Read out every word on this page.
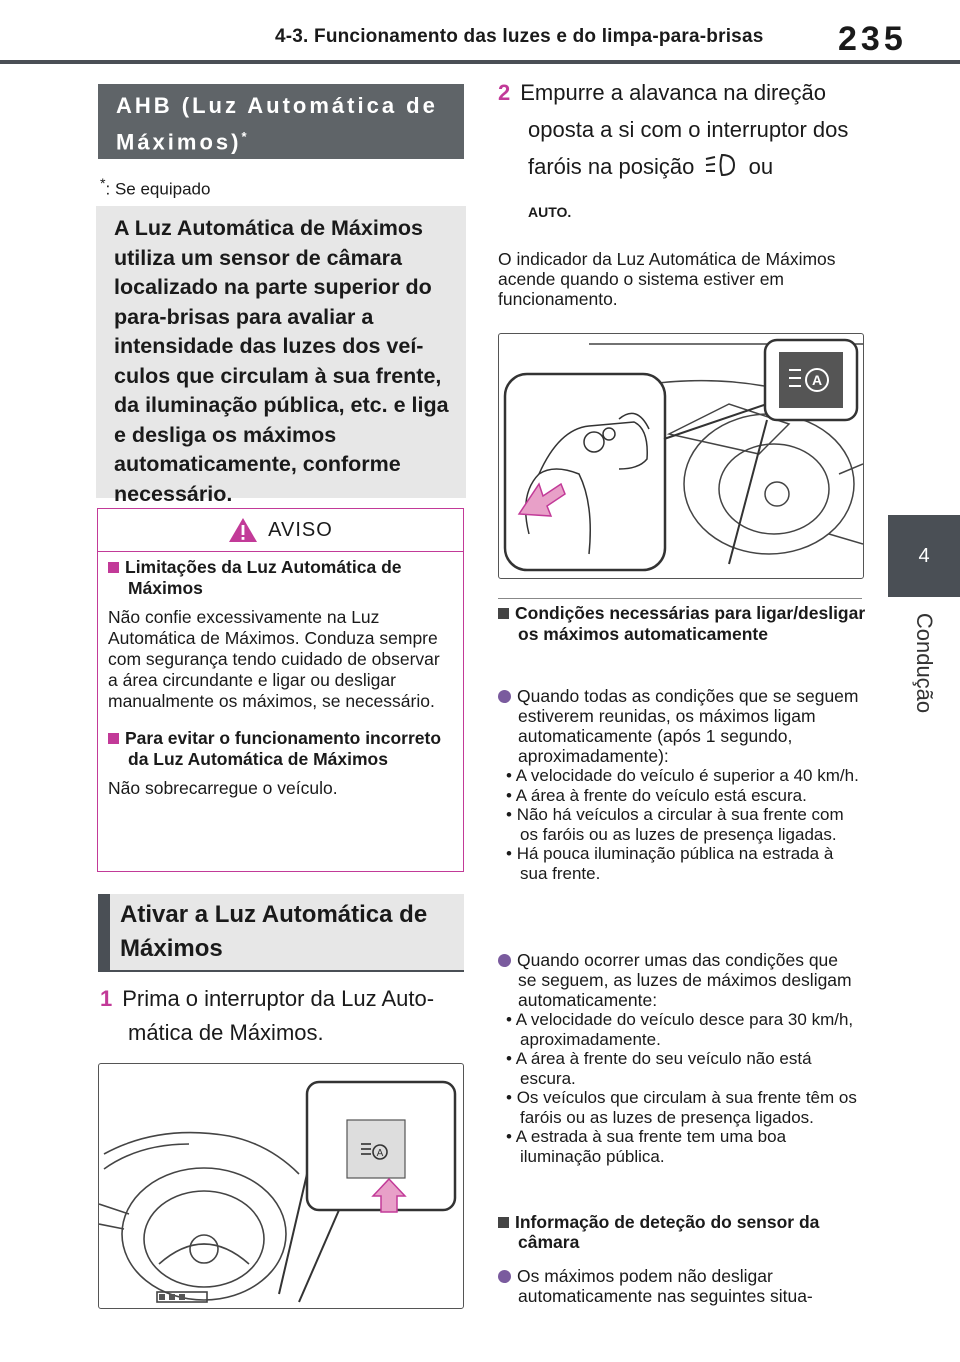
4-3. Funcionamento das luzes e do limpa-para-brisas 235
4
Condução
AHB (Luz Automática de
Máximos)*
*: Se equipado
A Luz Automática de Máximos utiliza um sensor de câmara localizado na parte superior do para-brisas para avaliar a intensidade das luzes dos veículos que circulam à sua frente, da iluminação pública, etc. e liga e desliga os máximos automaticamente, conforme necessário.
AVISO

Limitações da Luz Automática de Máximos

Não confie excessivamente na Luz Automática de Máximos. Conduza sempre com segurança tendo cuidado de observar a área circundante e ligar ou desligar manualmente os máximos, se necessário.

Para evitar o funcionamento incorreto da Luz Automática de Máximos

Não sobrecarregue o veículo.

Ativar a Luz Automática de
Máximos
1 Prima o interruptor da Luz Automática de Máximos.
A
2 Empurre a alavanca na direção oposta a si com o interruptor dos faróis na posição ou
AUTO.
O indicador da Luz Automática de Máximos acende quando o sistema estiver em funcionamento.
A
Condições necessárias para ligar/desligar os máximos automaticamente
Quando todas as condições que se seguem estiverem reunidas, os máximos ligam automaticamente (após 1 segundo, aproximadamente):
• A velocidade do veículo é superior a 40 km/h.
• A área à frente do veículo está escura.
• Não há veículos a circular à sua frente com os faróis ou as luzes de presença ligadas.
• Há pouca iluminação pública na estrada à sua frente.
Quando ocorrer umas das condições que se seguem, as luzes de máximos desligam automaticamente:
• A velocidade do veículo desce para 30 km/h, aproximadamente.
• A área à frente do seu veículo não está escura.
• Os veículos que circulam à sua frente têm os faróis ou as luzes de presença ligados.
• A estrada à sua frente tem uma boa iluminação pública.
Informação de deteção do sensor da câmara
Os máximos podem não desligar automaticamente nas seguintes situa-
